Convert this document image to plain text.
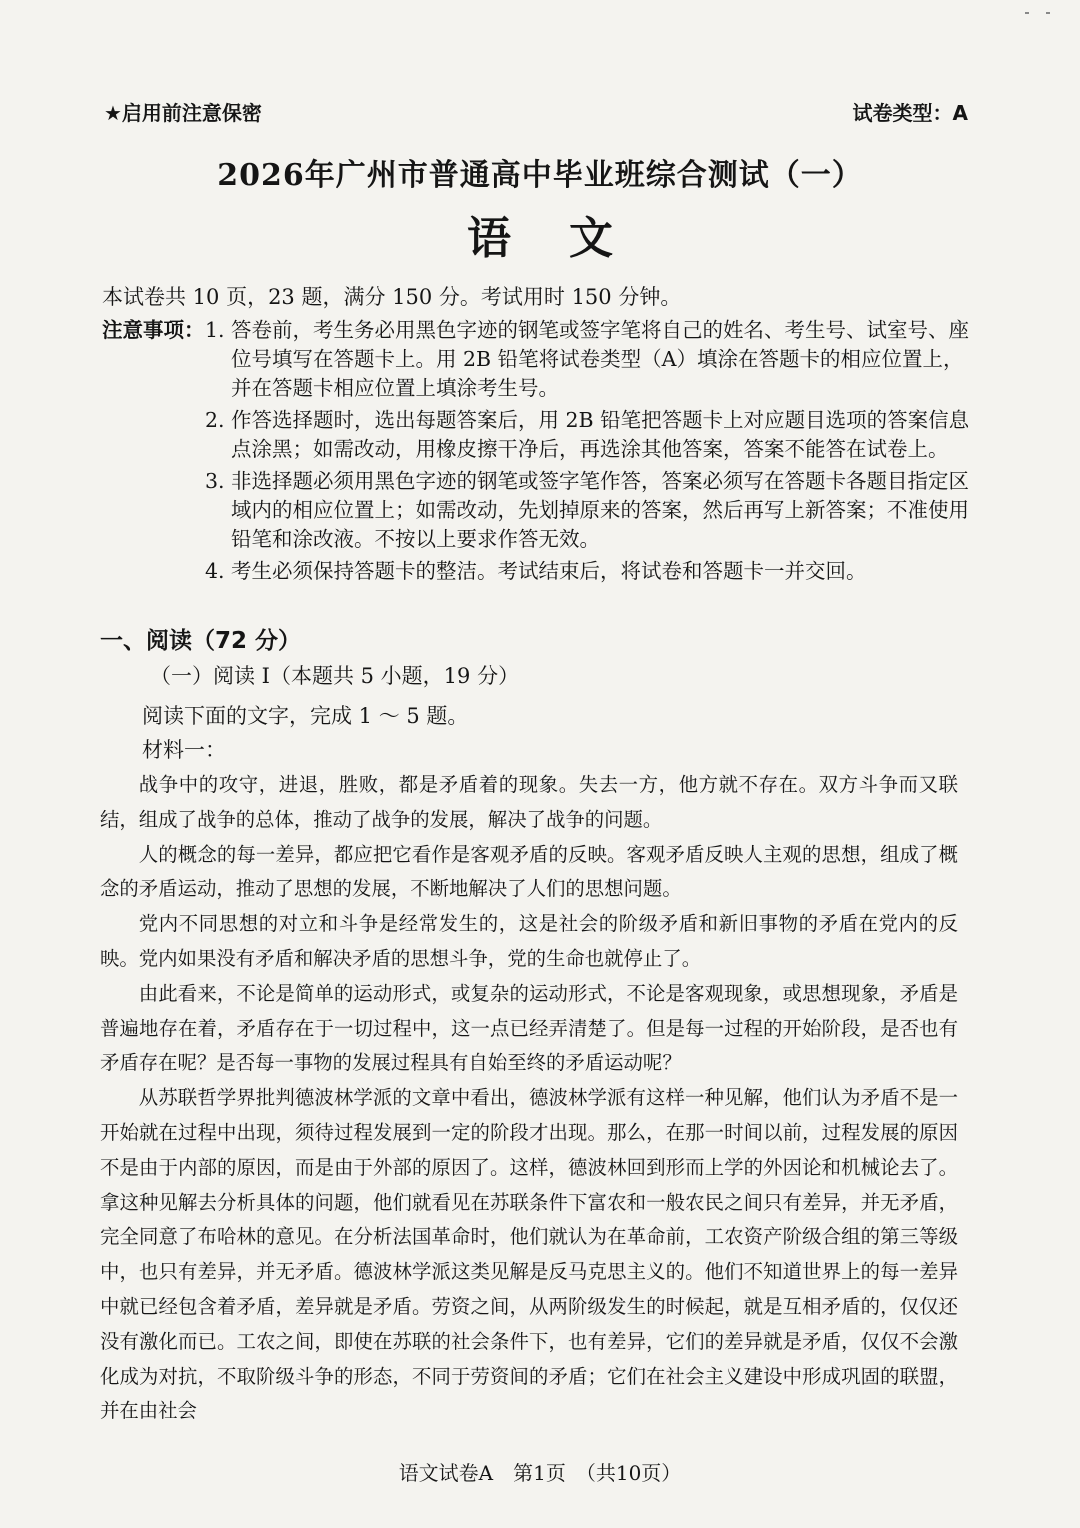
★启用前注意保密	试卷类型：A
2026年广州市普通高中毕业班综合测试（一）
语文
本试卷共 10 页，23 题，满分 150 分。考试用时 150 分钟。
注意事项： 1. 答卷前，考生务必用黑色字迹的钢笔或签字笔将自己的姓名、考生号、试室号、座位号填写在答题卡上。用 2B 铅笔将试卷类型（A）填涂在答题卡的相应位置上，并在答题卡相应位置上填涂考生号。
2. 作答选择题时，选出每题答案后，用 2B 铅笔把答题卡上对应题目选项的答案信息点涂黑；如需改动，用橡皮擦干净后，再选涂其他答案，答案不能答在试卷上。
3. 非选择题必须用黑色字迹的钢笔或签字笔作答，答案必须写在答题卡各题目指定区域内的相应位置上；如需改动，先划掉原来的答案，然后再写上新答案；不准使用铅笔和涂改液。不按以上要求作答无效。
4. 考生必须保持答题卡的整洁。考试结束后，将试卷和答题卡一并交回。
一、阅读（72 分）
（一）阅读 I（本题共 5 小题，19 分）
阅读下面的文字，完成 1 ～ 5 题。
材料一：

战争中的攻守，进退，胜败，都是矛盾着的现象。失去一方，他方就不存在。双方斗争而又联结，组成了战争的总体，推动了战争的发展，解决了战争的问题。

人的概念的每一差异，都应把它看作是客观矛盾的反映。客观矛盾反映人主观的思想，组成了概念的矛盾运动，推动了思想的发展，不断地解决了人们的思想问题。

党内不同思想的对立和斗争是经常发生的，这是社会的阶级矛盾和新旧事物的矛盾在党内的反映。党内如果没有矛盾和解决矛盾的思想斗争，党的生命也就停止了。

由此看来，不论是简单的运动形式，或复杂的运动形式，不论是客观现象，或思想现象，矛盾是普遍地存在着，矛盾存在于一切过程中，这一点已经弄清楚了。但是每一过程的开始阶段，是否也有矛盾存在呢？是否每一事物的发展过程具有自始至终的矛盾运动呢？

从苏联哲学界批判德波林学派的文章中看出，德波林学派有这样一种见解，他们认为矛盾不是一开始就在过程中出现，须待过程发展到一定的阶段才出现。那么，在那一时间以前，过程发展的原因不是由于内部的原因，而是由于外部的原因了。这样，德波林回到形而上学的外因论和机械论去了。拿这种见解去分析具体的问题，他们就看见在苏联条件下富农和一般农民之间只有差异，并无矛盾，完全同意了布哈林的意见。在分析法国革命时，他们就认为在革命前，工农资产阶级合组的第三等级中，也只有差异，并无矛盾。德波林学派这类见解是反马克思主义的。他们不知道世界上的每一差异中就已经包含着矛盾，差异就是矛盾。劳资之间，从两阶级发生的时候起，就是互相矛盾的，仅仅还没有激化而已。工农之间，即使在苏联的社会条件下，也有差异，它们的差异就是矛盾，仅仅不会激化成为对抗，不取阶级斗争的形态，不同于劳资间的矛盾；它们在社会主义建设中形成巩固的联盟，并在由社会

语文试卷A　第1页　（共10页）
